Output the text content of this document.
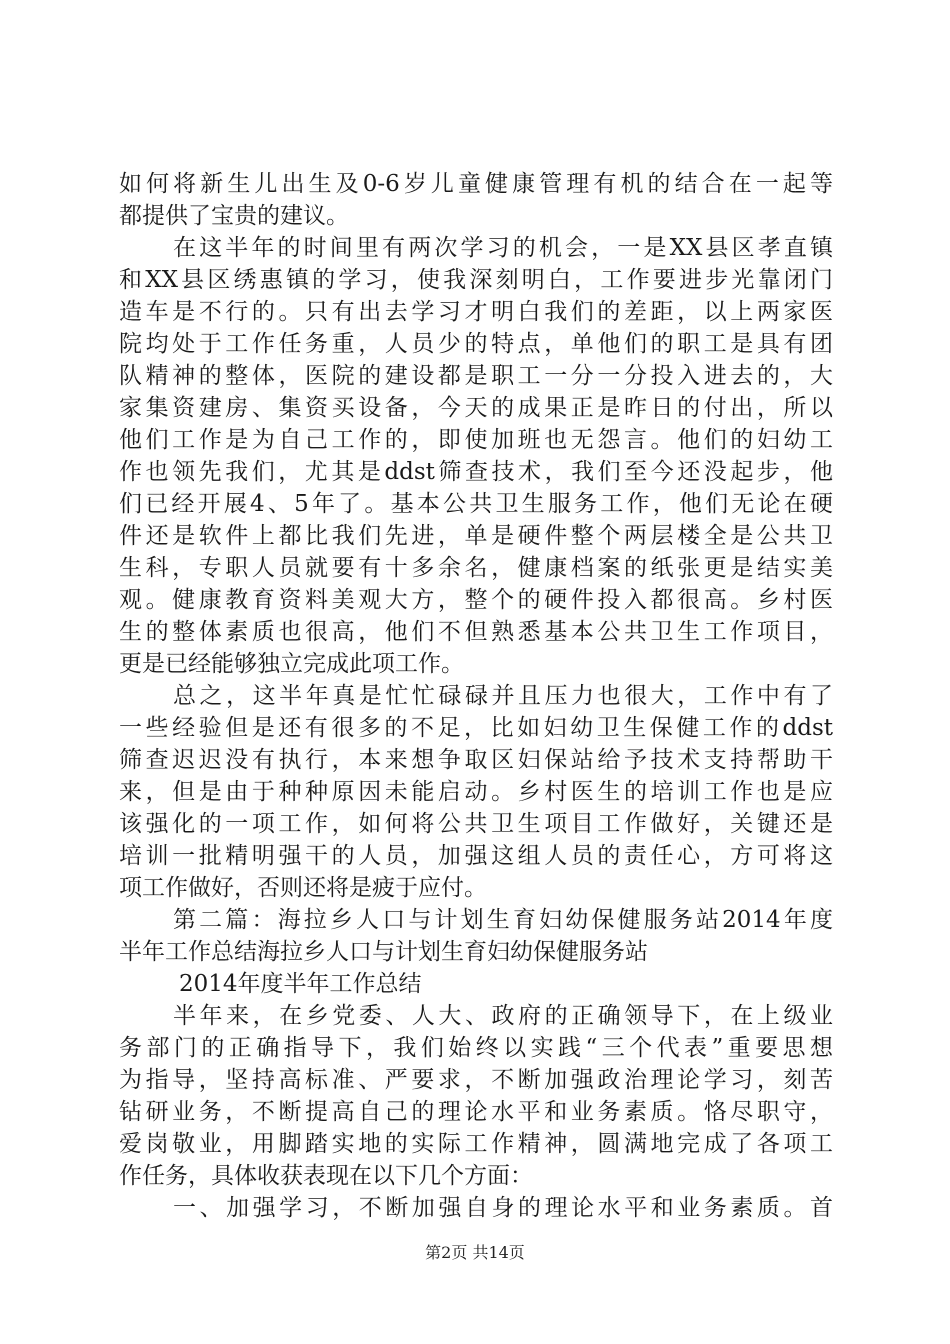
如何将新生儿出生及0-6岁儿童健康管理有机的结合在一起等
都提供了宝贵的建议。
在这半年的时间里有两次学习的机会，一是XX县区孝直镇
和XX县区绣惠镇的学习，使我深刻明白，工作要进步光靠闭门
造车是不行的。只有出去学习才明白我们的差距，以上两家医
院均处于工作任务重，人员少的特点，单他们的职工是具有团
队精神的整体，医院的建设都是职工一分一分投入进去的，大
家集资建房、集资买设备，今天的成果正是昨日的付出，所以
他们工作是为自己工作的，即使加班也无怨言。他们的妇幼工
作也领先我们，尤其是ddst筛查技术，我们至今还没起步，他
们已经开展4、5年了。基本公共卫生服务工作，他们无论在硬
件还是软件上都比我们先进，单是硬件整个两层楼全是公共卫
生科，专职人员就要有十多余名，健康档案的纸张更是结实美
观。健康教育资料美观大方，整个的硬件投入都很高。乡村医
生的整体素质也很高，他们不但熟悉基本公共卫生工作项目，
更是已经能够独立完成此项工作。
总之，这半年真是忙忙碌碌并且压力也很大，工作中有了
一些经验但是还有很多的不足，比如妇幼卫生保健工作的ddst
筛查迟迟没有执行，本来想争取区妇保站给予技术支持帮助干
来，但是由于种种原因未能启动。乡村医生的培训工作也是应
该强化的一项工作，如何将公共卫生项目工作做好，关键还是
培训一批精明强干的人员，加强这组人员的责任心，方可将这
项工作做好，否则还将是疲于应付。
第二篇：海拉乡人口与计划生育妇幼保健服务站2014年度
半年工作总结海拉乡人口与计划生育妇幼保健服务站
2014年度半年工作总结
半年来，在乡党委、人大、政府的正确领导下，在上级业
务部门的正确指导下，我们始终以实践“三个代表”重要思想
为指导，坚持高标准、严要求，不断加强政治理论学习，刻苦
钻研业务，不断提高自己的理论水平和业务素质。恪尽职守，
爱岗敬业，用脚踏实地的实际工作精神，圆满地完成了各项工
作任务，具体收获表现在以下几个方面：
一、加强学习，不断加强自身的理论水平和业务素质。首
第2页 共14页
